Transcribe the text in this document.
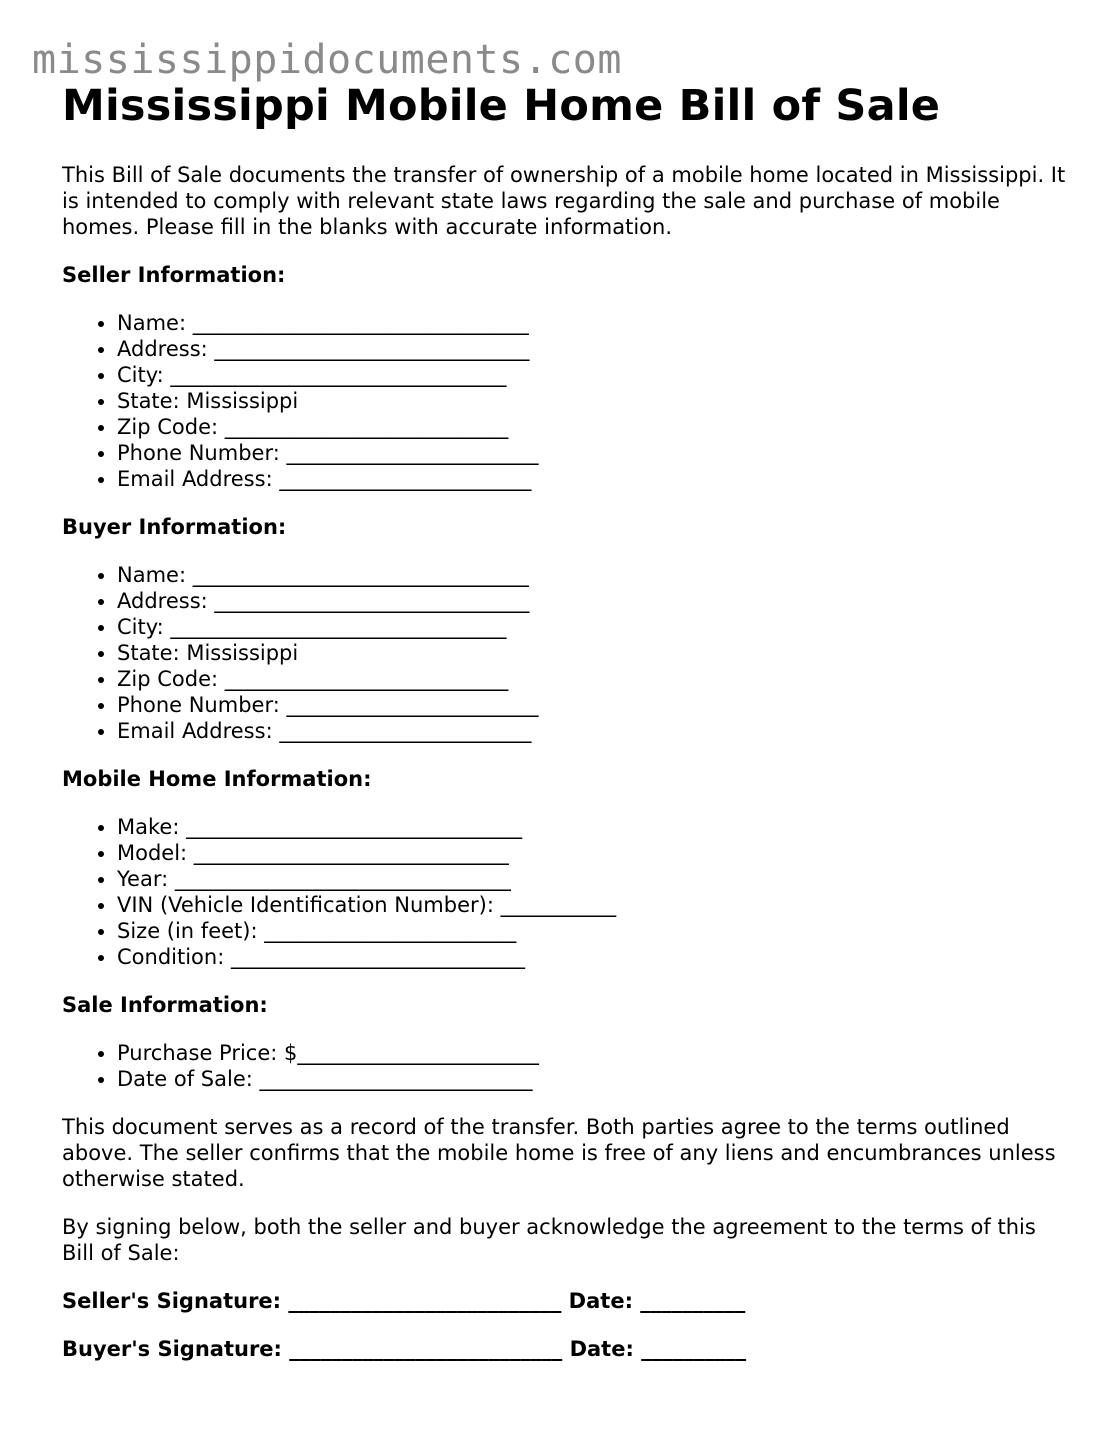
mississippidocuments.com
Mississippi Mobile Home Bill of Sale

This Bill of Sale documents the transfer of ownership of a mobile home located in Mississippi. It is intended to comply with relevant state laws regarding the sale and purchase of mobile homes. Please fill in the blanks with accurate information.

Seller Information:

• Name: ________________________________
• Address: ______________________________
• City: ________________________________
• State: Mississippi
• Zip Code: ___________________________
• Phone Number: ________________________
• Email Address: ________________________

Buyer Information:

• Name: ________________________________
• Address: ______________________________
• City: ________________________________
• State: Mississippi
• Zip Code: ___________________________
• Phone Number: ________________________
• Email Address: ________________________

Mobile Home Information:

• Make: ________________________________
• Model: ______________________________
• Year: ________________________________
• VIN (Vehicle Identification Number): ___________
• Size (in feet): ________________________
• Condition: ____________________________

Sale Information:

• Purchase Price: $_______________________
• Date of Sale: __________________________

This document serves as a record of the transfer. Both parties agree to the terms outlined above. The seller confirms that the mobile home is free of any liens and encumbrances unless otherwise stated.

By signing below, both the seller and buyer acknowledge the agreement to the terms of this Bill of Sale:

Seller's Signature: __________________________ Date: __________

Buyer's Signature: __________________________ Date: __________
